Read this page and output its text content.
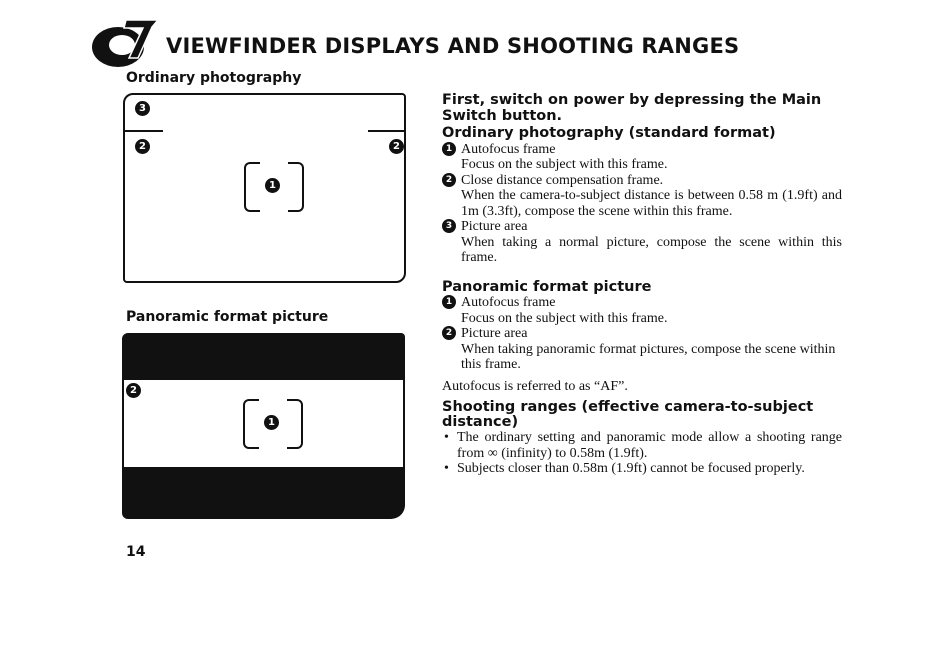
VIEWFINDER DISPLAYS AND SHOOTING RANGES
Ordinary photography
3
2	2
1
Panoramic format picture
2
1
First, switch on power by depressing the Main Switch button.
Ordinary photography (standard format)
1 Autofocus frame
Focus on the subject with this frame.
2 Close distance compensation frame.
When the camera-to-subject distance is between 0.58 m (1.9ft) and 1m (3.3ft), compose the scene within this frame.
3 Picture area
When taking a normal picture, compose the scene within this frame.
Panoramic format picture
1 Autofocus frame
Focus on the subject with this frame.
2 Picture area
When taking panoramic format pictures, compose the scene within this frame.
Autofocus is referred to as “AF”.
Shooting ranges (effective camera-to-subject distance)
• The ordinary setting and panoramic mode allow a shooting range from ∞ (infinity) to 0.58m (1.9ft).
• Subjects closer than 0.58m (1.9ft) cannot be focused properly.
14
